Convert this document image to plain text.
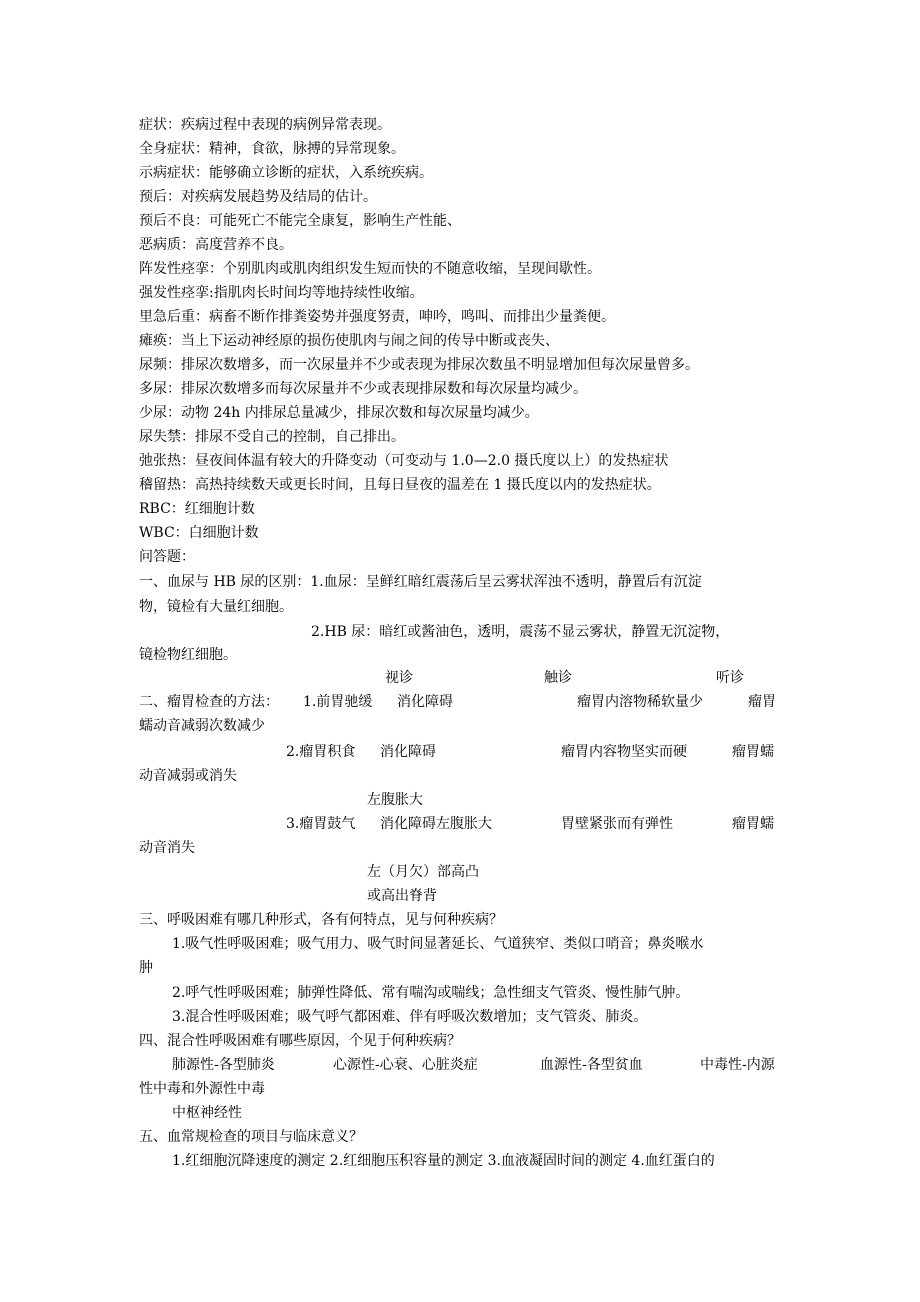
症状：疾病过程中表现的病例异常表现。
全身症状：精神，食欲，脉搏的异常现象。
示病症状：能够确立诊断的症状，入系统疾病。
预后：对疾病发展趋势及结局的估计。
预后不良：可能死亡不能完全康复，影响生产性能、
恶病质：高度营养不良。
阵发性痉挛：个别肌肉或肌肉组织发生短而快的不随意收缩，呈现间歇性。
强发性痉挛:指肌肉长时间均等地持续性收缩。
里急后重：病畜不断作排粪姿势并强度努责，呻吟，鸣叫、而排出少量粪便。
瘫痪：当上下运动神经原的损伤使肌肉与闹之间的传导中断或丧失、
尿频：排尿次数增多，而一次尿量并不少或表现为排尿次数虽不明显增加但每次尿量曾多。
多尿：排尿次数增多而每次尿量并不少或表现排尿数和每次尿量均减少。
少尿：动物 24h 内排尿总量减少，排尿次数和每次尿量均减少。
尿失禁：排尿不受自己的控制，自己排出。
弛张热：昼夜间体温有较大的升降变动（可变动与 1.0—2.0 摄氏度以上）的发热症状
稽留热：高热持续数天或更长时间，且每日昼夜的温差在 1 摄氏度以内的发热症状。
RBC：红细胞计数
WBC：白细胞计数
问答题：
一、血尿与 HB 尿的区别：1.血尿：呈鲜红暗红震荡后呈云雾状浑浊不透明，静置后有沉淀
物，镜检有大量红细胞。
2.HB 尿：暗红或酱油色，透明，震荡不显云雾状，静置无沉淀物，
镜检物红细胞。
视诊	触诊	听诊
二、瘤胃检查的方法： 1.前胃驰缓 消化障碍	瘤胃内溶物稀软量少	瘤胃
蠕动音减弱次数减少
2.瘤胃积食 消化障碍	瘤胃内容物坚实而硬	瘤胃蠕
动音减弱或消失
左腹胀大
3.瘤胃鼓气 消化障碍左腹胀大	胃壁紧张而有弹性	瘤胃蠕
动音消失
左（月欠）部高凸
或高出脊背
三、呼吸困难有哪几种形式，各有何特点，见与何种疾病？
1.吸气性呼吸困难；吸气用力、吸气时间显著延长、气道狭窄、类似口哨音；鼻炎喉水
肿
2.呼气性呼吸困难；肺弹性降低、常有喘沟或喘线；急性细支气管炎、慢性肺气肿。
3.混合性呼吸困难；吸气呼气都困难、伴有呼吸次数增加；支气管炎、肺炎。
四、混合性呼吸困难有哪些原因，个见于何种疾病？
肺源性-各型肺炎	心源性-心衰、心脏炎症	血源性-各型贫血	中毒性-内源
性中毒和外源性中毒
中枢神经性
五、血常规检查的项目与临床意义？
1.红细胞沉降速度的测定 2.红细胞压积容量的测定 3.血液凝固时间的测定 4.血红蛋白的
